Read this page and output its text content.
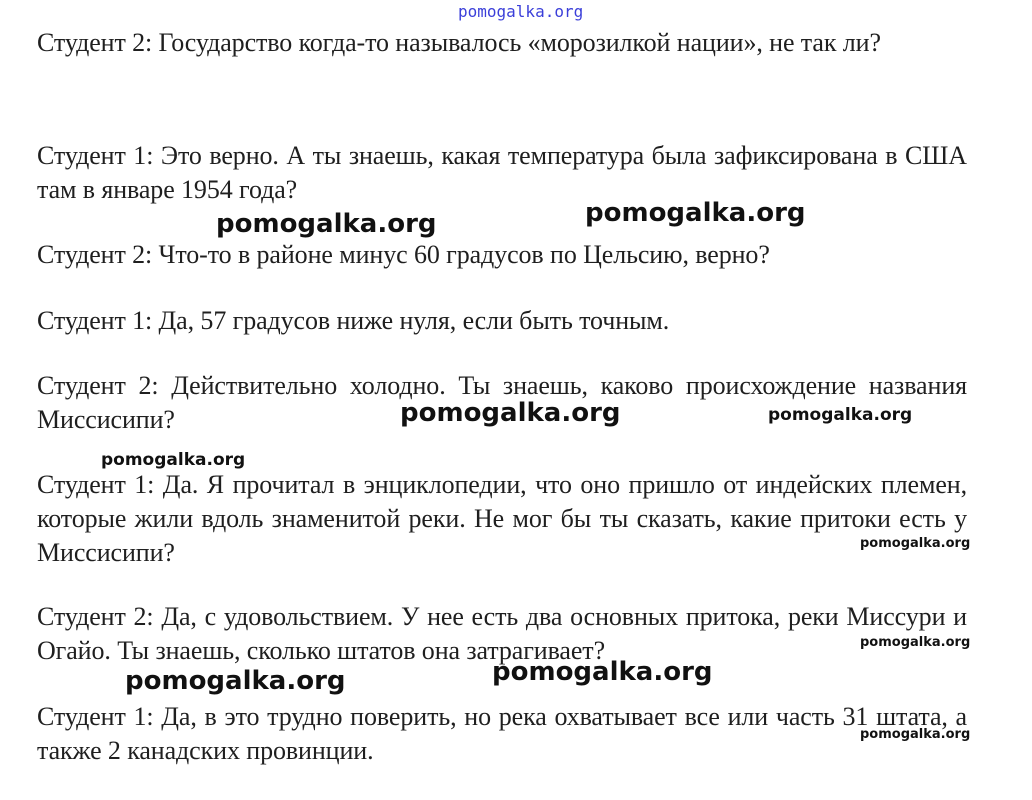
pomogalka.org

Студент 2: Государство когда-то называлось «морозилкой нации», не так ли?

Студент 1: Это верно. А ты знаешь, какая температура была зафиксирована в США там в январе 1954 года?

Студент 2: Что-то в районе минус 60 градусов по Цельсию, верно?

Студент 1: Да, 57 градусов ниже нуля, если быть точным.

Студент 2: Действительно холодно. Ты знаешь, каково происхождение названия Миссисипи?

Студент 1: Да. Я прочитал в энциклопедии, что оно пришло от индейских племен, которые жили вдоль знаменитой реки. Не мог бы ты сказать, какие притоки есть у Миссисипи?

Студент 2: Да, с удовольствием. У нее есть два основных притока, реки Миссури и Огайо. Ты знаешь, сколько штатов она затрагивает?

Студент 1: Да, в это трудно поверить, но река охватывает все или часть 31 штата, а также 2 канадских провинции.

pomogalka.org	pomogalka.org
pomogalka.org	pomogalka.org
pomogalka.org
pomogalka.org
pomogalka.org
pomogalka.org	pomogalka.org
pomogalka.org
